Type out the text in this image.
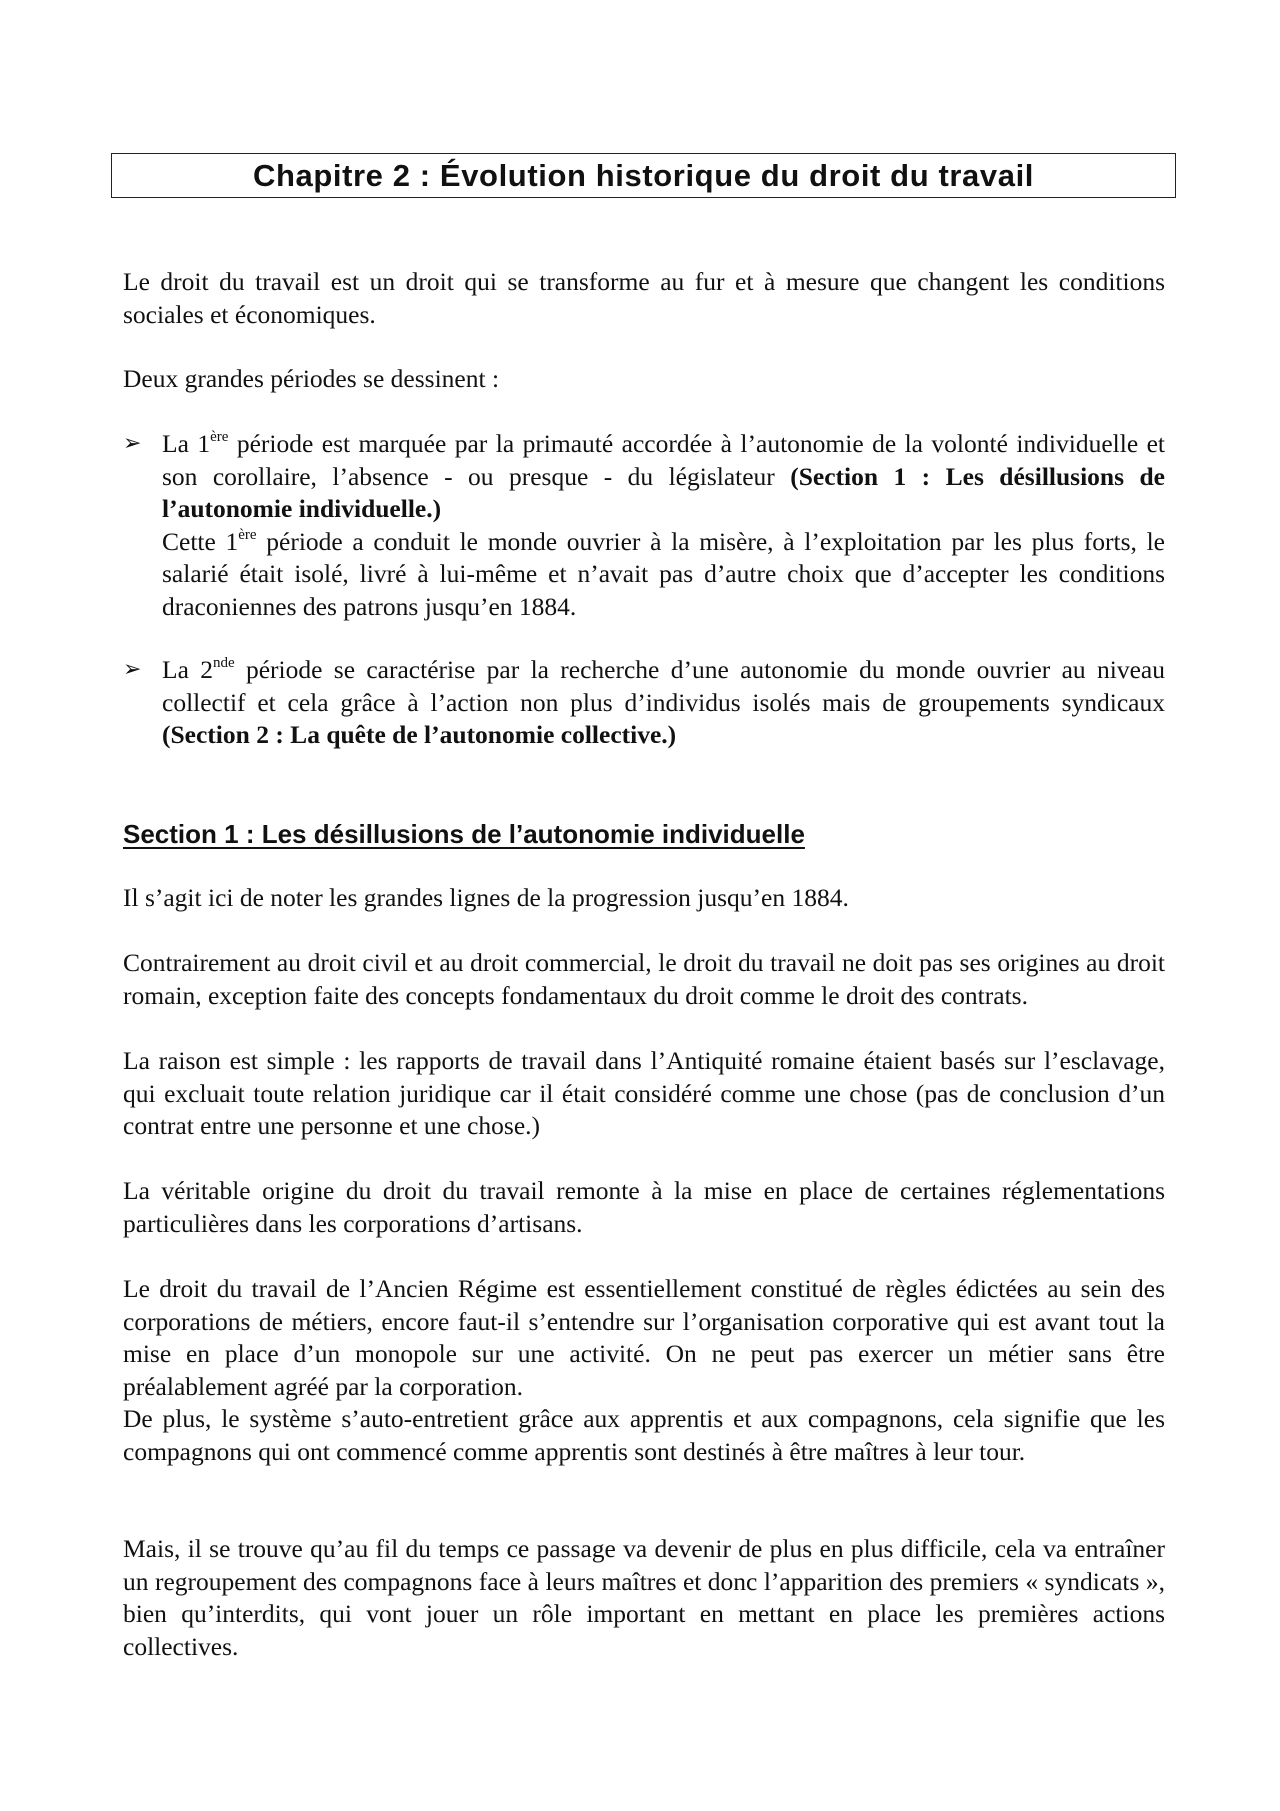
Chapitre 2 : Évolution historique du droit du travail

Le droit du travail est un droit qui se transforme au fur et à mesure que changent les conditions sociales et économiques.

Deux grandes périodes se dessinent :

➢ La 1ère période est marquée par la primauté accordée à l’autonomie de la volonté individuelle et son corollaire, l’absence - ou presque - du législateur (Section 1 : Les désillusions de l’autonomie individuelle.)

Cette 1ère période a conduit le monde ouvrier à la misère, à l’exploitation par les plus forts, le salarié était isolé, livré à lui-même et n’avait pas d’autre choix que d’accepter les conditions draconiennes des patrons jusqu’en 1884.

➢ La 2nde période se caractérise par la recherche d’une autonomie du monde ouvrier au niveau collectif et cela grâce à l’action non plus d’individus isolés mais de groupements syndicaux (Section 2 : La quête de l’autonomie collective.)

Section 1 : Les désillusions de l’autonomie individuelle

Il s’agit ici de noter les grandes lignes de la progression jusqu’en 1884.

Contrairement au droit civil et au droit commercial, le droit du travail ne doit pas ses origines au droit romain, exception faite des concepts fondamentaux du droit comme le droit des contrats.

La raison est simple : les rapports de travail dans l’Antiquité romaine étaient basés sur l’esclavage, qui excluait toute relation juridique car il était considéré comme une chose (pas de conclusion d’un contrat entre une personne et une chose.)

La véritable origine du droit du travail remonte à la mise en place de certaines réglementations particulières dans les corporations d’artisans.

Le droit du travail de l’Ancien Régime est essentiellement constitué de règles édictées au sein des corporations de métiers, encore faut-il s’entendre sur l’organisation corporative qui est avant tout la mise en place d’un monopole sur une activité. On ne peut pas exercer un métier sans être préalablement agréé par la corporation.

De plus, le système s’auto-entretient grâce aux apprentis et aux compagnons, cela signifie que les compagnons qui ont commencé comme apprentis sont destinés à être maîtres à leur tour.

Mais, il se trouve qu’au fil du temps ce passage va devenir de plus en plus difficile, cela va entraîner un regroupement des compagnons face à leurs maîtres et donc l’apparition des premiers « syndicats », bien qu’interdits, qui vont jouer un rôle important en mettant en place les premières actions collectives.
